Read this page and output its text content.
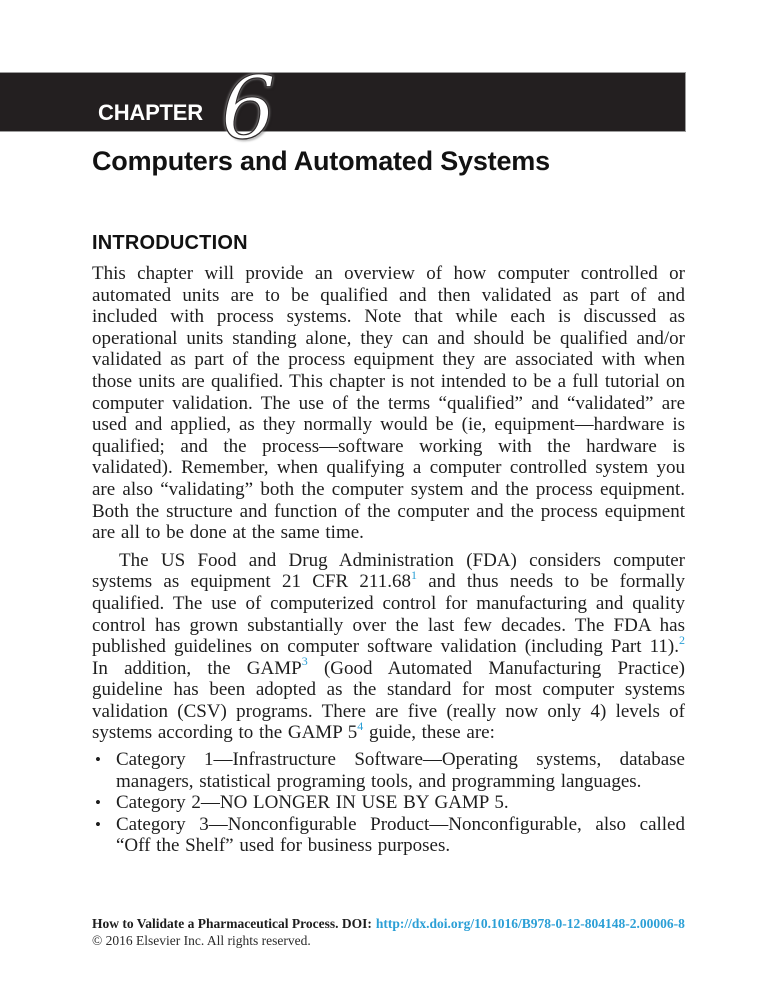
CHAPTER 6
Computers and Automated Systems
INTRODUCTION

This chapter will provide an overview of how computer controlled or automated units are to be qualified and then validated as part of and included with process systems. Note that while each is discussed as operational units standing alone, they can and should be qualified and/or validated as part of the process equipment they are associated with when those units are qualified. This chapter is not intended to be a full tutorial on computer validation. The use of the terms “qualified” and “validated” are used and applied, as they normally would be (ie, equipment—hardware is qualified; and the process—software working with the hardware is validated). Remember, when qualifying a computer controlled system you are also “validating” both the computer system and the process equipment. Both the structure and function of the computer and the process equipment are all to be done at the same time.

The US Food and Drug Administration (FDA) considers computer systems as equipment 21 CFR 211.68$^1$ and thus needs to be formally qualified. The use of computerized control for manufacturing and quality control has grown substantially over the last few decades. The FDA has published guidelines on computer software validation (including Part 11).$^2$ In addition, the GAMP$^3$ (Good Automated Manufacturing Practice) guideline has been adopted as the standard for most computer systems validation (CSV) programs. There are five (really now only 4) levels of systems according to the GAMP 5$^4$ guide, these are:

• Category 1—Infrastructure Software—Operating systems, database managers, statistical programing tools, and programming languages.
• Category 2—NO LONGER IN USE BY GAMP 5.
• Category 3—Nonconfigurable Product—Nonconfigurable, also called “Off the Shelf” used for business purposes.
How to Validate a Pharmaceutical Process. DOI: http://dx.doi.org/10.1016/B978-0-12-804148-2.00006-8
© 2016 Elsevier Inc. All rights reserved.
